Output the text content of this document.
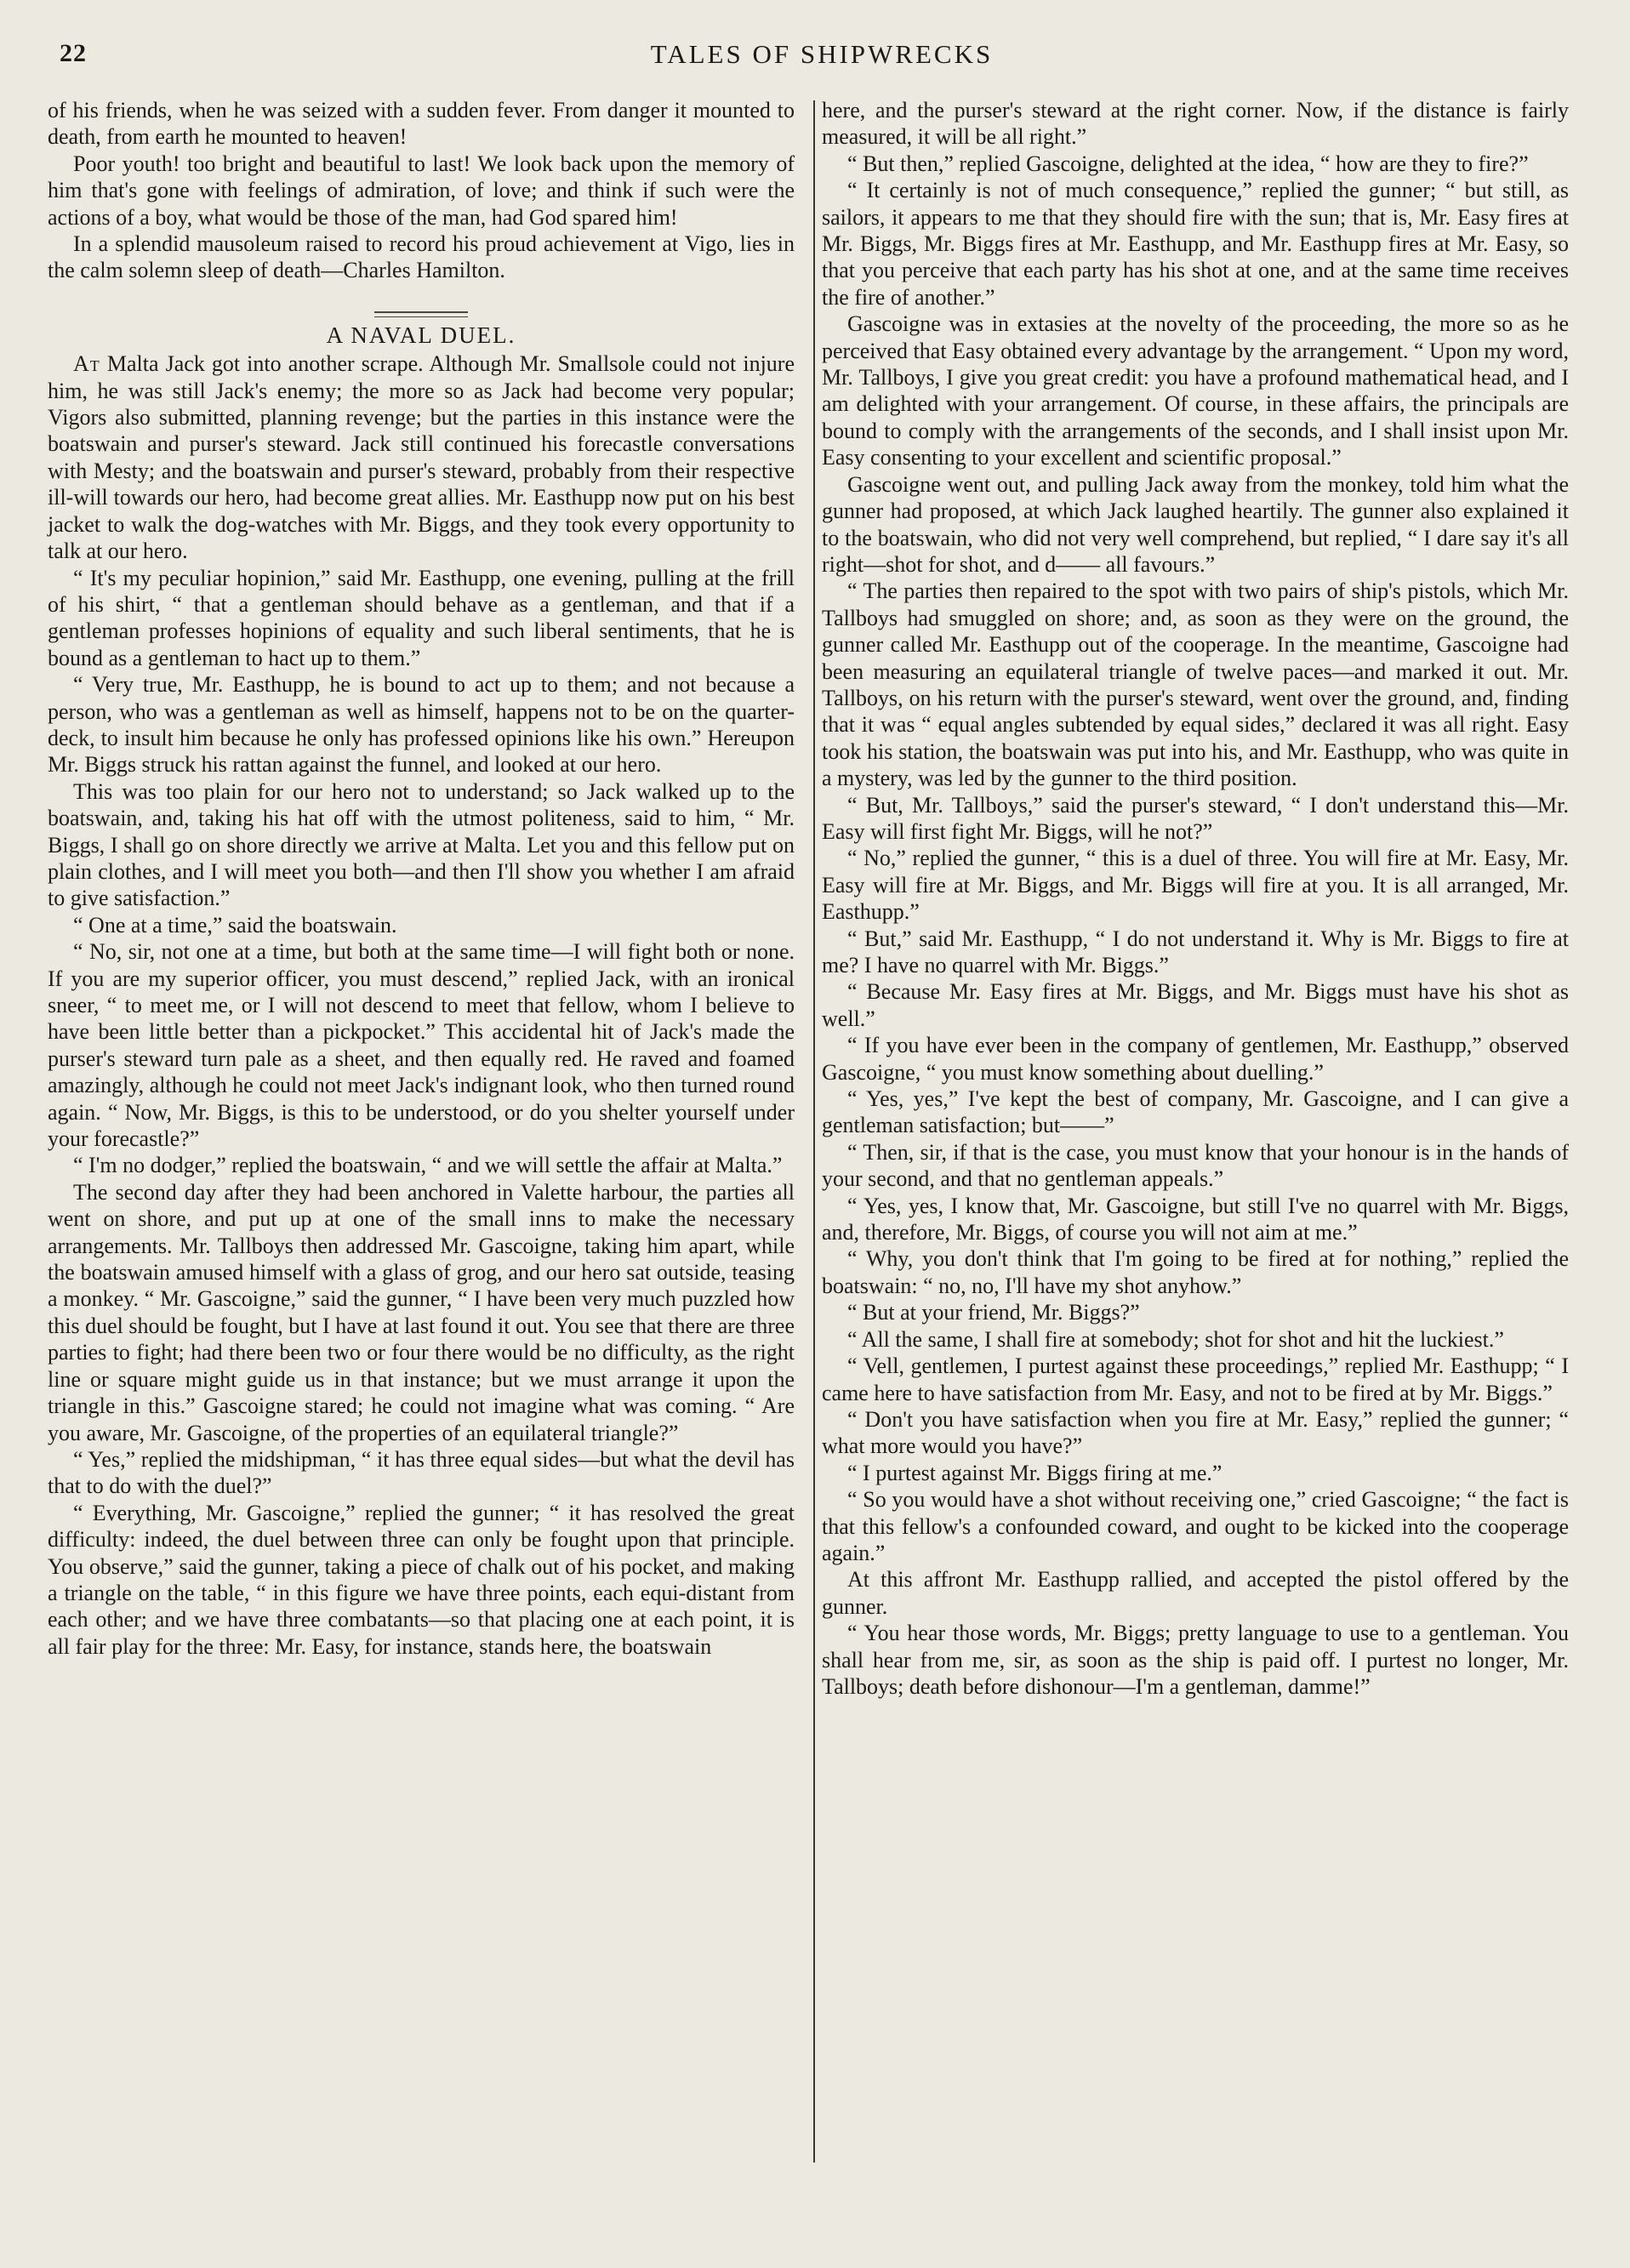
22	TALES OF SHIPWRECKS

of his friends, when he was seized with a sudden fever. From danger it mounted to death, from earth he mounted to heaven!

Poor youth! too bright and beautiful to last! We look back upon the memory of him that's gone with feelings of admiration, of love; and think if such were the actions of a boy, what would be those of the man, had God spared him!

In a splendid mausoleum raised to record his proud achievement at Vigo, lies in the calm solemn sleep of death—Charles Hamilton.

A NAVAL DUEL.

At Malta Jack got into another scrape. Although Mr. Smallsole could not injure him, he was still Jack's enemy; the more so as Jack had become very popular; Vigors also submitted, planning revenge; but the parties in this instance were the boatswain and purser's steward. Jack still continued his forecastle conversations with Mesty; and the boatswain and purser's steward, probably from their respective ill-will towards our hero, had become great allies. Mr. Easthupp now put on his best jacket to walk the dog-watches with Mr. Biggs, and they took every opportunity to talk at our hero.

“ It's my peculiar hopinion,” said Mr. Easthupp, one evening, pulling at the frill of his shirt, “ that a gentleman should behave as a gentleman, and that if a gentleman professes hopinions of equality and such liberal sentiments, that he is bound as a gentleman to hact up to them.”

“ Very true, Mr. Easthupp, he is bound to act up to them; and not because a person, who was a gentleman as well as himself, happens not to be on the quarter-deck, to insult him because he only has professed opinions like his own.” Hereupon Mr. Biggs struck his rattan against the funnel, and looked at our hero.

This was too plain for our hero not to understand; so Jack walked up to the boatswain, and, taking his hat off with the utmost politeness, said to him, “ Mr. Biggs, I shall go on shore directly we arrive at Malta. Let you and this fellow put on plain clothes, and I will meet you both—and then I'll show you whether I am afraid to give satisfaction.”

“ One at a time,” said the boatswain.

“ No, sir, not one at a time, but both at the same time—I will fight both or none. If you are my superior officer, you must descend,” replied Jack, with an ironical sneer, “ to meet me, or I will not descend to meet that fellow, whom I believe to have been little better than a pickpocket.” This accidental hit of Jack's made the purser's steward turn pale as a sheet, and then equally red. He raved and foamed amazingly, although he could not meet Jack's indignant look, who then turned round again. “ Now, Mr. Biggs, is this to be understood, or do you shelter yourself under your forecastle?”

“ I'm no dodger,” replied the boatswain, “ and we will settle the affair at Malta.”

The second day after they had been anchored in Valette harbour, the parties all went on shore, and put up at one of the small inns to make the necessary arrangements. Mr. Tallboys then addressed Mr. Gascoigne, taking him apart, while the boatswain amused himself with a glass of grog, and our hero sat outside, teasing a monkey. “ Mr. Gascoigne,” said the gunner, “ I have been very much puzzled how this duel should be fought, but I have at last found it out. You see that there are three parties to fight; had there been two or four there would be no difficulty, as the right line or square might guide us in that instance; but we must arrange it upon the triangle in this.” Gascoigne stared; he could not imagine what was coming. “ Are you aware, Mr. Gascoigne, of the properties of an equilateral triangle?”

“ Yes,” replied the midshipman, “ it has three equal sides—but what the devil has that to do with the duel?”

“ Everything, Mr. Gascoigne,” replied the gunner; “ it has resolved the great difficulty: indeed, the duel between three can only be fought upon that principle. You observe,” said the gunner, taking a piece of chalk out of his pocket, and making a triangle on the table, “ in this figure we have three points, each equi-distant from each other; and we have three combatants—so that placing one at each point, it is all fair play for the three: Mr. Easy, for instance, stands here, the boatswain

here, and the purser's steward at the right corner. Now, if the distance is fairly measured, it will be all right.”

“ But then,” replied Gascoigne, delighted at the idea, “ how are they to fire?”

“ It certainly is not of much consequence,” replied the gunner; “ but still, as sailors, it appears to me that they should fire with the sun; that is, Mr. Easy fires at Mr. Biggs, Mr. Biggs fires at Mr. Easthupp, and Mr. Easthupp fires at Mr. Easy, so that you perceive that each party has his shot at one, and at the same time receives the fire of another.”

Gascoigne was in extasies at the novelty of the proceeding, the more so as he perceived that Easy obtained every advantage by the arrangement. “ Upon my word, Mr. Tallboys, I give you great credit: you have a profound mathematical head, and I am delighted with your arrangement. Of course, in these affairs, the principals are bound to comply with the arrangements of the seconds, and I shall insist upon Mr. Easy consenting to your excellent and scientific proposal.”

Gascoigne went out, and pulling Jack away from the monkey, told him what the gunner had proposed, at which Jack laughed heartily. The gunner also explained it to the boatswain, who did not very well comprehend, but replied, “ I dare say it's all right—shot for shot, and d—— all favours.”

“ The parties then repaired to the spot with two pairs of ship's pistols, which Mr. Tallboys had smuggled on shore; and, as soon as they were on the ground, the gunner called Mr. Easthupp out of the cooperage. In the meantime, Gascoigne had been measuring an equilateral triangle of twelve paces—and marked it out. Mr. Tallboys, on his return with the purser's steward, went over the ground, and, finding that it was “ equal angles subtended by equal sides,” declared it was all right. Easy took his station, the boatswain was put into his, and Mr. Easthupp, who was quite in a mystery, was led by the gunner to the third position.

“ But, Mr. Tallboys,” said the purser's steward, “ I don't understand this—Mr. Easy will first fight Mr. Biggs, will he not?”

“ No,” replied the gunner, “ this is a duel of three. You will fire at Mr. Easy, Mr. Easy will fire at Mr. Biggs, and Mr. Biggs will fire at you. It is all arranged, Mr. Easthupp.”

“ But,” said Mr. Easthupp, “ I do not understand it. Why is Mr. Biggs to fire at me? I have no quarrel with Mr. Biggs.”

“ Because Mr. Easy fires at Mr. Biggs, and Mr. Biggs must have his shot as well.”

“ If you have ever been in the company of gentlemen, Mr. Easthupp,” observed Gascoigne, “ you must know something about duelling.”

“ Yes, yes,” I've kept the best of company, Mr. Gascoigne, and I can give a gentleman satisfaction; but——”

“ Then, sir, if that is the case, you must know that your honour is in the hands of your second, and that no gentleman appeals.”

“ Yes, yes, I know that, Mr. Gascoigne, but still I've no quarrel with Mr. Biggs, and, therefore, Mr. Biggs, of course you will not aim at me.”

“ Why, you don't think that I'm going to be fired at for nothing,” replied the boatswain: “ no, no, I'll have my shot anyhow.”

“ But at your friend, Mr. Biggs?”

“ All the same, I shall fire at somebody; shot for shot and hit the luckiest.”

“ Vell, gentlemen, I purtest against these proceedings,” replied Mr. Easthupp; “ I came here to have satisfaction from Mr. Easy, and not to be fired at by Mr. Biggs.”

“ Don't you have satisfaction when you fire at Mr. Easy,” replied the gunner; “ what more would you have?”

“ I purtest against Mr. Biggs firing at me.”

“ So you would have a shot without receiving one,” cried Gascoigne; “ the fact is that this fellow's a confounded coward, and ought to be kicked into the cooperage again.”

At this affront Mr. Easthupp rallied, and accepted the pistol offered by the gunner.

“ You hear those words, Mr. Biggs; pretty language to use to a gentleman. You shall hear from me, sir, as soon as the ship is paid off. I purtest no longer, Mr. Tallboys; death before dishonour—I'm a gentleman, damme!”
